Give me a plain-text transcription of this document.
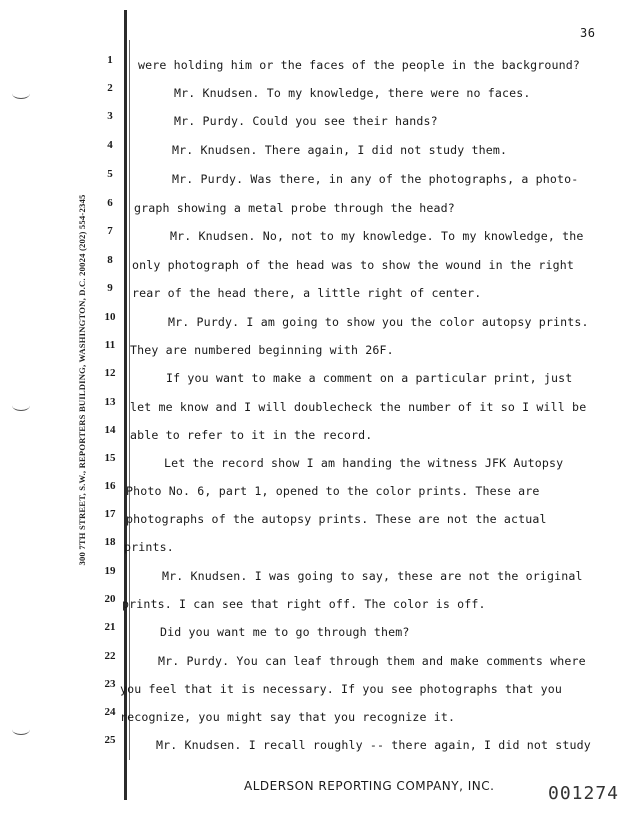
36
300 7TH STREET, S.W., REPORTERS BUILDING, WASHINGTON, D.C. 20024 (202) 554-2345
1	were holding him or the faces of the people in the background?
2	Mr. Knudsen. To my knowledge, there were no faces.
3	Mr. Purdy. Could you see their hands?
4	Mr. Knudsen. There again, I did not study them.
5	Mr. Purdy. Was there, in any of the photographs, a photo-
6	graph showing a metal probe through the head?
7	Mr. Knudsen. No, not to my knowledge. To my knowledge, the
8	only photograph of the head was to show the wound in the right
9	rear of the head there, a little right of center.
10	Mr. Purdy. I am going to show you the color autopsy prints.
11	They are numbered beginning with 26F.
12	If you want to make a comment on a particular print, just
13	let me know and I will doublecheck the number of it so I will be
14	able to refer to it in the record.
15	Let the record show I am handing the witness JFK Autopsy
16 Photo No. 6, part 1, opened to the color prints. These are
17 photographs of the autopsy prints. These are not the actual
18 prints.
19	Mr. Knudsen. I was going to say, these are not the original
20 prints. I can see that right off. The color is off.
21	Did you want me to go through them?
22	Mr. Purdy. You can leaf through them and make comments where
23 you feel that it is necessary. If you see photographs that you
24 recognize, you might say that you recognize it.
25	Mr. Knudsen. I recall roughly -- there again, I did not study
ALDERSON REPORTING COMPANY, INC.	001274
